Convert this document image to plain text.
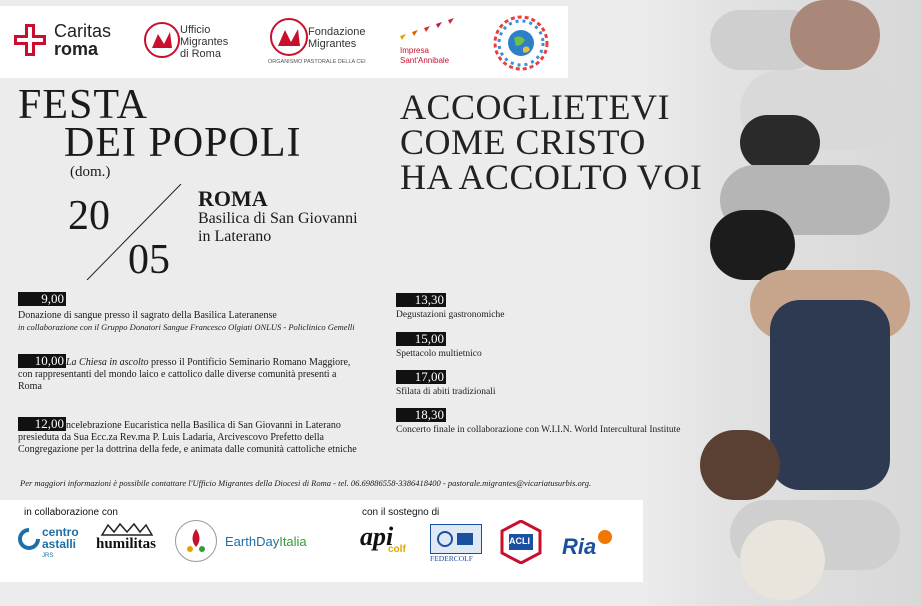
Caritas
roma
Ufficio
Migrantes
di Roma
Fondazione
Migrantes
ORGANISMO PASTORALE DELLA CEI
Impresa
Sant'Annibale
FESTA
DEI POPOLI
ACCOGLIETEVI
COME CRISTO
HA ACCOLTO VOI
(dom.)
20
05
ROMA
Basilica di San Giovanni
in Laterano
9,00
Donazione di sangue presso il sagrato della Basilica Lateranense
in collaborazione con il Gruppo Donatori Sangue Francesco Olgiati ONLUS - Policlinico Gemelli
10,00 La Chiesa in ascolto presso il Pontificio Seminario Romano Maggiore,
con rappresentanti del mondo laico e cattolico dalle diverse comunità presenti a
Roma
12,00 ncelebrazione Eucaristica nella Basilica di San Giovanni in Laterano
presieduta da Sua Ecc.za Rev.ma P. Luis Ladaria, Arcivescovo Prefetto della
Congregazione per la dottrina della fede, e animata dalle comunità cattoliche etniche
13,30
Degustazioni gastronomiche
15,00
Spettacolo multietnico
17,00
Sfilata di abiti tradizionali
18,30
Concerto finale in collaborazione con W.I.I.N. World Intercultural Institute
Per maggiori informazioni è possibile contattare l'Ufficio Migrantes della Diocesi di Roma - tel. 06.69886558-3386418400 - pastorale.migrantes@vicariatusurbis.org.
in collaborazione con	con il sostegno di
centro
astalli
JRS
humilitas	EarthDayItalia api
colf
FEDERCOLF
ACLI Ria
